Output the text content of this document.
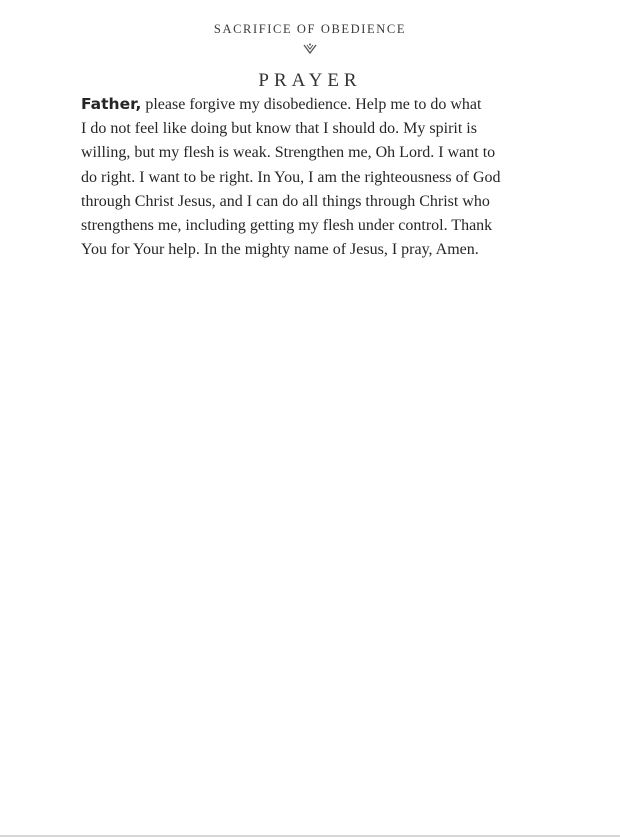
SACRIFICE OF OBEDIENCE
PRAYER
Father, please forgive my disobedience. Help me to do what
I do not feel like doing but know that I should do. My spirit is
willing, but my flesh is weak. Strengthen me, Oh Lord. I want to
do right. I want to be right. In You, I am the righteousness of God
through Christ Jesus, and I can do all things through Christ who
strengthens me, including getting my flesh under control. Thank
You for Your help. In the mighty name of Jesus, I pray, Amen.
